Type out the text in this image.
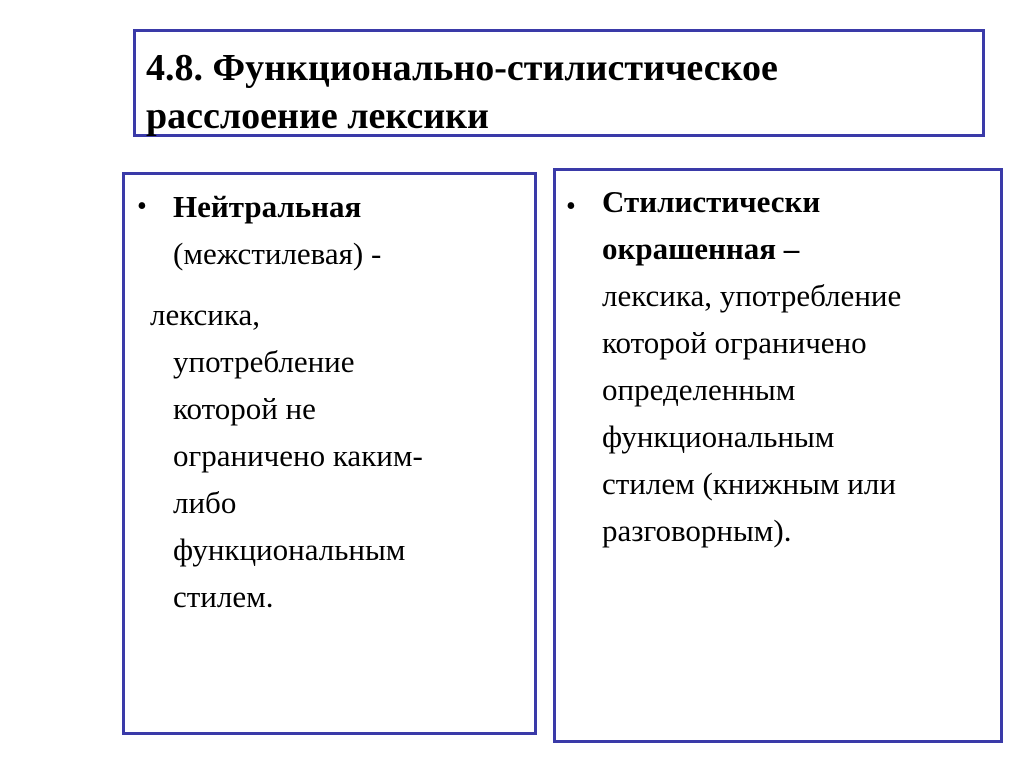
4.8. Функционально-стилистическое
расслоение лексики

• Нейтральная
(межстилевая) -
лексика,
употребление
которой не
ограничено каким-
либо
функциональным
стилем.
• Стилистически
окрашенная –
лексика, употребление
которой ограничено
определенным
функциональным
стилем (книжным или
разговорным).
